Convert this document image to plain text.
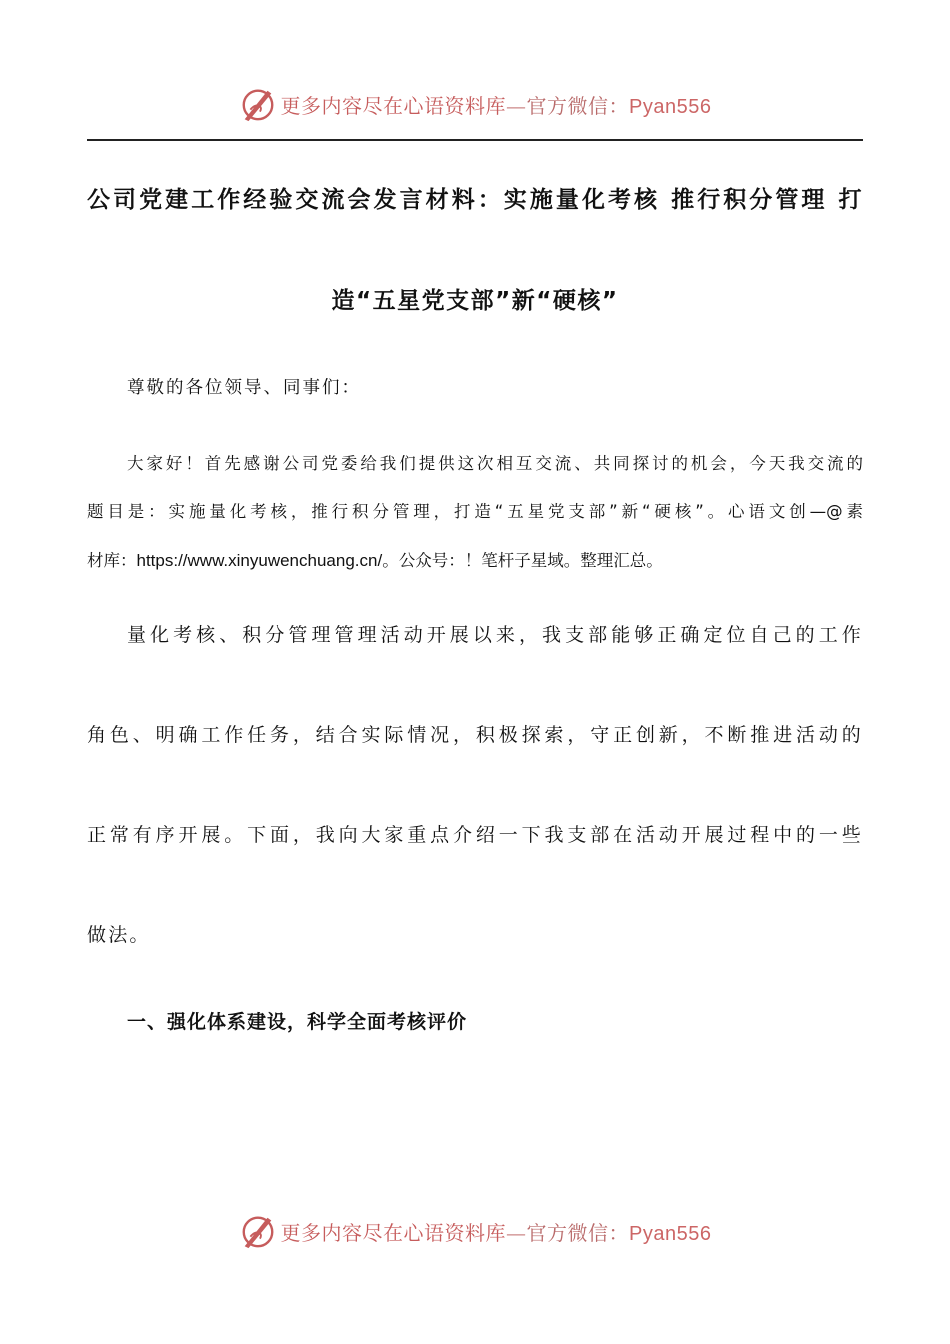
更多内容尽在心语资料库—官方微信：Pyan556
公司党建工作经验交流会发言材料：实施量化考核 推行积分管理 打
造“五星党支部”新“硬核”
尊敬的各位领导、同事们：
大家好！首先感谢公司党委给我们提供这次相互交流、共同探讨的机会，今天我交流的
题目是：实施量化考核，推行积分管理，打造“五星党支部”新“硬核”。心语文创—@素
材库：https://www.xinyuwenchuang.cn/。公众号：！笔杆子星域。整理汇总。
量化考核、积分管理管理活动开展以来，我支部能够正确定位自己的工作
角色、明确工作任务，结合实际情况，积极探索，守正创新，不断推进活动的
正常有序开展。下面，我向大家重点介绍一下我支部在活动开展过程中的一些
做法。
一、强化体系建设，科学全面考核评价
更多内容尽在心语资料库—官方微信：Pyan556
